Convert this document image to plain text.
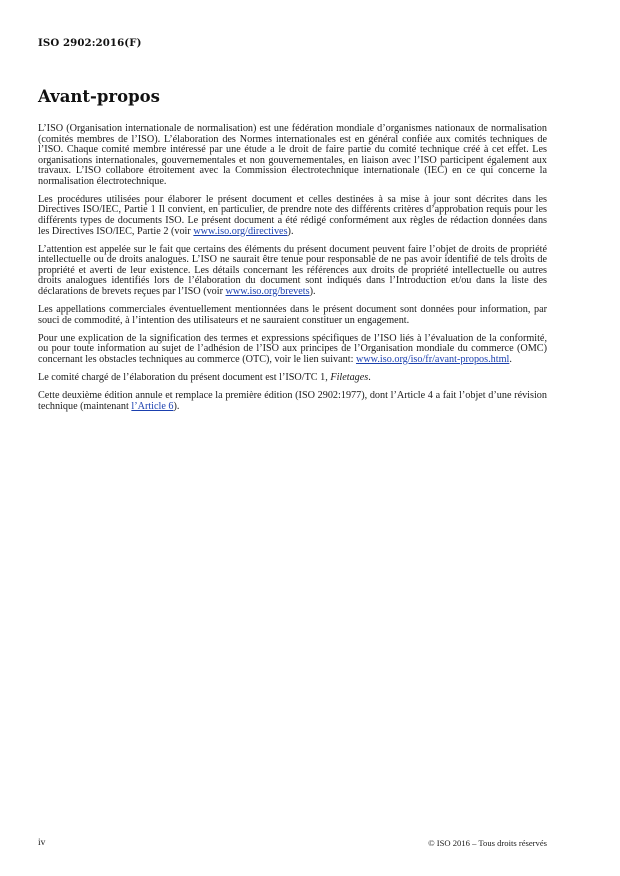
ISO 2902:2016(F)
Avant-propos

L’ISO (Organisation internationale de normalisation) est une fédération mondiale d’organismes nationaux de normalisation (comités membres de l’ISO). L’élaboration des Normes internationales est en général confiée aux comités techniques de l’ISO. Chaque comité membre intéressé par une étude a le droit de faire partie du comité technique créé à cet effet. Les organisations internationales, gouvernementales et non gouvernementales, en liaison avec l’ISO participent également aux travaux. L’ISO collabore étroitement avec la Commission électrotechnique internationale (IEC) en ce qui concerne la normalisation électrotechnique.

Les procédures utilisées pour élaborer le présent document et celles destinées à sa mise à jour sont décrites dans les Directives ISO/IEC, Partie 1 Il convient, en particulier, de prendre note des différents critères d’approbation requis pour les différents types de documents ISO. Le présent document a été rédigé conformément aux règles de rédaction données dans les Directives ISO/IEC, Partie 2 (voir www.iso.org/directives).

L’attention est appelée sur le fait que certains des éléments du présent document peuvent faire l’objet de droits de propriété intellectuelle ou de droits analogues. L’ISO ne saurait être tenue pour responsable de ne pas avoir identifié de tels droits de propriété et averti de leur existence. Les détails concernant les références aux droits de propriété intellectuelle ou autres droits analogues identifiés lors de l’élaboration du document sont indiqués dans l’Introduction et/ou dans la liste des déclarations de brevets reçues par l’ISO (voir www.iso.org/brevets).

Les appellations commerciales éventuellement mentionnées dans le présent document sont données pour information, par souci de commodité, à l’intention des utilisateurs et ne sauraient constituer un engagement.

Pour une explication de la signification des termes et expressions spécifiques de l’ISO liés à l’évaluation de la conformité, ou pour toute information au sujet de l’adhésion de l’ISO aux principes de l’Organisation mondiale du commerce (OMC) concernant les obstacles techniques au commerce (OTC), voir le lien suivant: www.iso.org/iso/fr/avant-propos.html.

Le comité chargé de l’élaboration du présent document est l’ISO/TC 1, Filetages.

Cette deuxième édition annule et remplace la première édition (ISO 2902:1977), dont l’Article 4 a fait l’objet d’une révision technique (maintenant l’Article 6).

iv	© ISO 2016 – Tous droits réservés
